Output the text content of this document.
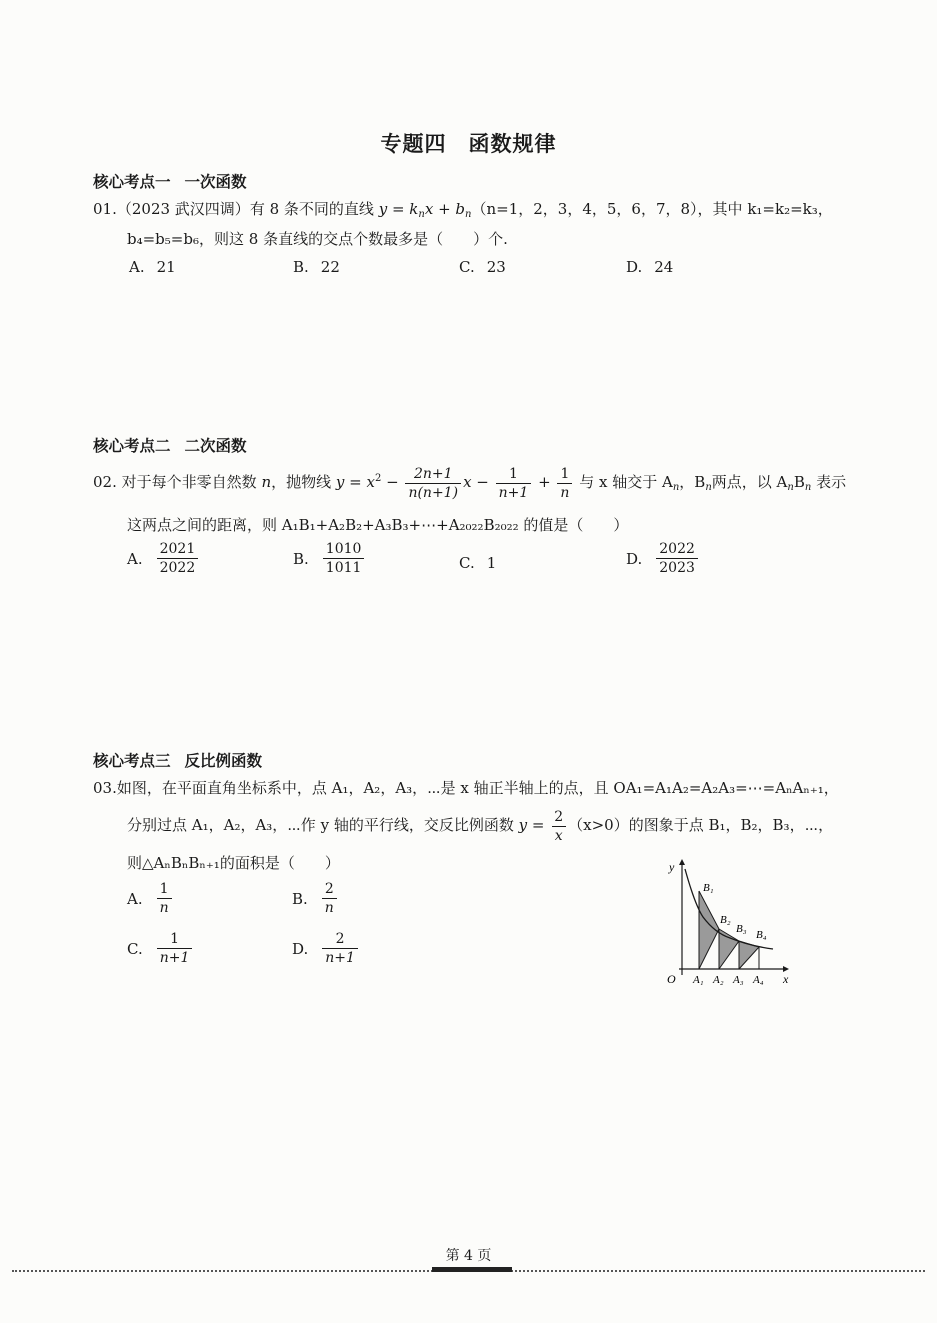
专题四 函数规律
核心考点一 一次函数
01.（2023 武汉四调）有 8 条不同的直线 $y = k_nx + b_n(n=1$，2，3，4，5，6，7，8），其中 k₁=k₂=k₃，
b₄=b₅=b₆，则这 8 条直线的交点个数最多是（　　）个.
A. 21	B. 22	C. 23	D. 24
核心考点二 二次函数
02. 对于每个非零自然数 n，抛物线 $y = x^2 - \frac{2n+1}{n(n+1)}$ $x - \frac{1}{n+1} + \frac{1}{n}$ 与 x 轴交于 $A_n$，$B_n$两点，以 $A_nB_n$ 表示
这两点之间的距离，则 A₁B₁+A₂B₂+A₃B₃+⋯+A₂₀₂₂B₂₀₂₂ 的值是（　　）
A. $\frac{2021}{2022}$	B. $\frac{1010}{1011}$	C. 1	D. $\frac{2022}{2023}$
核心考点三 反比例函数
03.如图，在平面直角坐标系中，点 A₁，A₂，A₃，⋯是 x 轴正半轴上的点，且 OA₁=A₁A₂=A₂A₃=⋯=AₙAₙ₊₁，
分别过点 A₁，A₂，A₃，⋯作 y 轴的平行线，交反比例函数 $y = \frac{2}{x} (x>0)$的图象于点 B₁，B₂，B₃，⋯，
则△AₙBₙBₙ₊₁的面积是（　　）
A. $\frac{1}{n}$	B. $\frac{2}{n}$
C. $\frac{1}{n+1}$	D. $\frac{2}{n+1}$
y
x
O A₁ A₂ A₃ A₄
B₁
B₂
B₃ B₄
第 4 页
